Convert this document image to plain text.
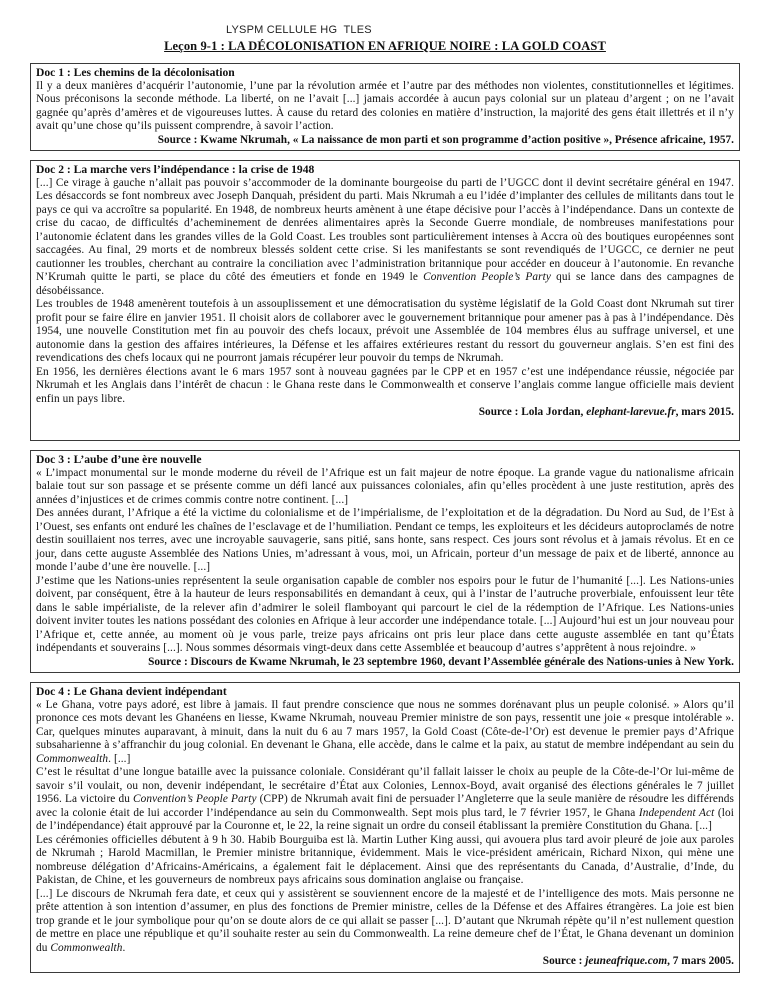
LYSPM CELLULE HG  TLES
Leçon 9-1 : LA DÉCOLONISATION EN AFRIQUE NOIRE : LA GOLD COAST
Doc 1 : Les chemins de la décolonisation
Il y a deux manières d’acquérir l’autonomie, l’une par la révolution armée et l’autre par des méthodes non violentes, constitutionnelles et légitimes. Nous préconisons la seconde méthode. La liberté, on ne l’avait [...] jamais accordée à aucun pays colonial sur un plateau d’argent ; on ne l’avait gagnée qu’après d’amères et de vigoureuses luttes. À cause du retard des colonies en matière d’instruction, la majorité des gens était illettrés et il n’y avait qu’une chose qu’ils puissent comprendre, à savoir l’action.
Source : Kwame Nkrumah, « La naissance de mon parti et son programme d’action positive », Présence africaine, 1957.
Doc 2 : La marche vers l’indépendance : la crise de 1948
[...] Ce virage à gauche n’allait pas pouvoir s’accommoder de la dominante bourgeoise du parti de l’UGCC dont il devint secrétaire général en 1947. Les désaccords se font nombreux avec Joseph Danquah, président du parti. Mais Nkrumah a eu l’idée d’implanter des cellules de militants dans tout le pays ce qui va accroître sa popularité. En 1948, de nombreux heurts amènent à une étape décisive pour l’accès à l’indépendance. Dans un contexte de crise du cacao, de difficultés d’acheminement de denrées alimentaires après la Seconde Guerre mondiale, de nombreuses manifestations pour l’autonomie éclatent dans les grandes villes de la Gold Coast. Les troubles sont particulièrement intenses à Accra où des boutiques européennes sont saccagées. Au final, 29 morts et de nombreux blessés soldent cette crise. Si les manifestants se sont revendiqués de l’UGCC, ce dernier ne peut cautionner les troubles, cherchant au contraire la conciliation avec l’administration britannique pour accéder en douceur à l’autonomie. En revanche N’Krumah quitte le parti, se place du côté des émeutiers et fonde en 1949 le Convention People’s Party qui se lance dans des campagnes de désobéissance.
Les troubles de 1948 amenèrent toutefois à un assouplissement et une démocratisation du système législatif de la Gold Coast dont Nkrumah sut tirer profit pour se faire élire en janvier 1951. Il choisit alors de collaborer avec le gouvernement britannique pour amener pas à pas à l’indépendance. Dès 1954, une nouvelle Constitution met fin au pouvoir des chefs locaux, prévoit une Assemblée de 104 membres élus au suffrage universel, et une autonomie dans la gestion des affaires intérieures, la Défense et les affaires extérieures restant du ressort du gouverneur anglais. S’en est fini des revendications des chefs locaux qui ne pourront jamais récupérer leur pouvoir du temps de Nkrumah.
En 1956, les dernières élections avant le 6 mars 1957 sont à nouveau gagnées par le CPP et en 1957 c’est une indépendance réussie, négociée par Nkrumah et les Anglais dans l’intérêt de chacun : le Ghana reste dans le Commonwealth et conserve l’anglais comme langue officielle mais devient enfin un pays libre.
Source : Lola Jordan, elephant-larevue.fr, mars 2015.
Doc 3 : L’aube d’une ère nouvelle
« L’impact monumental sur le monde moderne du réveil de l’Afrique est un fait majeur de notre époque. La grande vague du nationalisme africain balaie tout sur son passage et se présente comme un défi lancé aux puissances coloniales, afin qu’elles procèdent à une juste restitution, après des années d’injustices et de crimes commis contre notre continent. [...]
Des années durant, l’Afrique a été la victime du colonialisme et de l’impérialisme, de l’exploitation et de la dégradation. Du Nord au Sud, de l’Est à l’Ouest, ses enfants ont enduré les chaînes de l’esclavage et de l’humiliation. Pendant ce temps, les exploiteurs et les décideurs autoproclamés de notre destin souillaient nos terres, avec une incroyable sauvagerie, sans pitié, sans honte, sans respect. Ces jours sont révolus et à jamais révolus. Et en ce jour, dans cette auguste Assemblée des Nations Unies, m’adressant à vous, moi, un Africain, porteur d’un message de paix et de liberté, annonce au monde l’aube d’une ère nouvelle. [...]
J’estime que les Nations-unies représentent la seule organisation capable de combler nos espoirs pour le futur de l’humanité [...]. Les Nations-unies doivent, par conséquent, être à la hauteur de leurs responsabilités en demandant à ceux, qui à l’instar de l’autruche proverbiale, enfouissent leur tête dans le sable impérialiste, de la relever afin d’admirer le soleil flamboyant qui parcourt le ciel de la rédemption de l’Afrique. Les Nations-unies doivent inviter toutes les nations possédant des colonies en Afrique à leur accorder une indépendance totale. [...] Aujourd’hui est un jour nouveau pour l’Afrique et, cette année, au moment où je vous parle, treize pays africains ont pris leur place dans cette auguste assemblée en tant qu’États indépendants et souverains [...]. Nous sommes désormais vingt-deux dans cette Assemblée et beaucoup d’autres s’apprêtent à nous rejoindre. »
Source : Discours de Kwame Nkrumah, le 23 septembre 1960, devant l’Assemblée générale des Nations-unies à New York.
Doc 4 : Le Ghana devient indépendant
« Le Ghana, votre pays adoré, est libre à jamais. Il faut prendre conscience que nous ne sommes dorénavant plus un peuple colonisé. » Alors qu’il prononce ces mots devant les Ghanéens en liesse, Kwame Nkrumah, nouveau Premier ministre de son pays, ressentit une joie « presque intolérable ». Car, quelques minutes auparavant, à minuit, dans la nuit du 6 au 7 mars 1957, la Gold Coast (Côte-de-l’Or) est devenue le premier pays d’Afrique subsaharienne à s’affranchir du joug colonial. En devenant le Ghana, elle accède, dans le calme et la paix, au statut de membre indépendant au sein du Commonwealth. [...]
C’est le résultat d’une longue bataille avec la puissance coloniale. Considérant qu’il fallait laisser le choix au peuple de la Côte-de-l’Or lui-même de savoir s’il voulait, ou non, devenir indépendant, le secrétaire d’État aux Colonies, Lennox-Boyd, avait organisé des élections générales le 7 juillet 1956. La victoire du Convention’s People Party (CPP) de Nkrumah avait fini de persuader l’Angleterre que la seule manière de résoudre les différends avec la colonie était de lui accorder l’indépendance au sein du Commonwealth. Sept mois plus tard, le 7 février 1957, le Ghana Independent Act (loi de l’indépendance) était approuvé par la Couronne et, le 22, la reine signait un ordre du conseil établissant la première Constitution du Ghana. [...]
Les cérémonies officielles débutent à 9 h 30. Habib Bourguiba est là. Martin Luther King aussi, qui avouera plus tard avoir pleuré de joie aux paroles de Nkrumah ; Harold Macmillan, le Premier ministre britannique, évidemment. Mais le vice-président américain, Richard Nixon, qui mène une nombreuse délégation d’Africains-Américains, a également fait le déplacement. Ainsi que des représentants du Canada, d’Australie, d’Inde, du Pakistan, de Chine, et les gouverneurs de nombreux pays africains sous domination anglaise ou française.
[...] Le discours de Nkrumah fera date, et ceux qui y assistèrent se souviennent encore de la majesté et de l’intelligence des mots. Mais personne ne prête attention à son intention d’assumer, en plus des fonctions de Premier ministre, celles de la Défense et des Affaires étrangères. La joie est bien trop grande et le jour symbolique pour qu’on se doute alors de ce qui allait se passer [...]. D’autant que Nkrumah répète qu’il n’est nullement question de mettre en place une république et qu’il souhaite rester au sein du Commonwealth. La reine demeure chef de l’État, le Ghana devenant un dominion du Commonwealth.
Source : jeuneafrique.com, 7 mars 2005.
